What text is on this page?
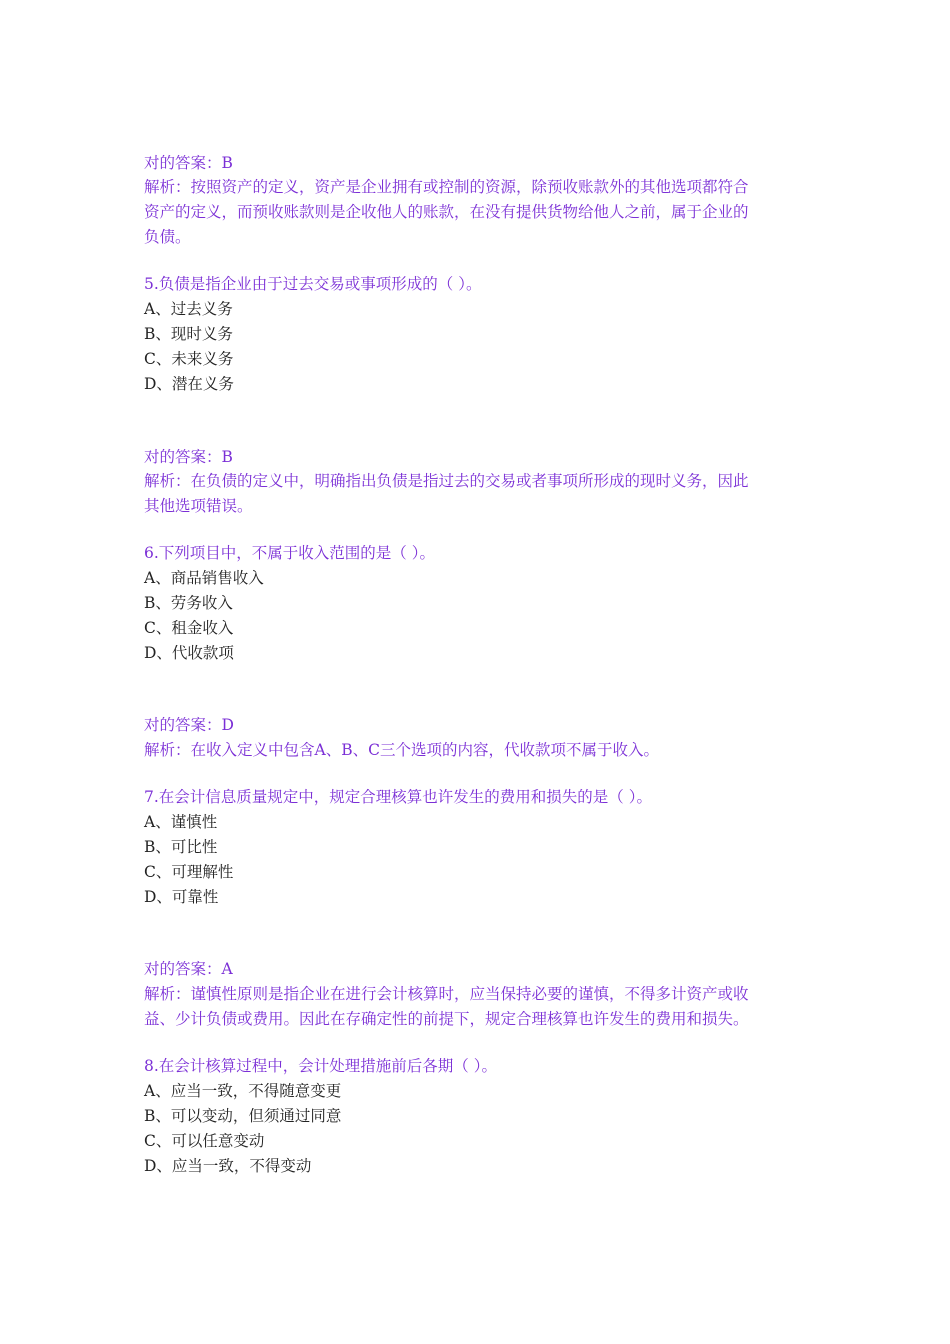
对的答案：B
解析：按照资产的定义，资产是企业拥有或控制的资源，除预收账款外的其他选项都符合
资产的定义，而预收账款则是企收他人的账款，在没有提供货物给他人之前，属于企业的
负债。
5.负债是指企业由于过去交易或事项形成的（ ）。
A、过去义务
B、现时义务
C、未来义务
D、潜在义务
对的答案：B
解析：在负债的定义中，明确指出负债是指过去的交易或者事项所形成的现时义务，因此
其他选项错误。
6.下列项目中，不属于收入范围的是（ ）。
A、商品销售收入
B、劳务收入
C、租金收入
D、代收款项
对的答案：D
解析：在收入定义中包含A、B、C三个选项的内容，代收款项不属于收入。
7.在会计信息质量规定中，规定合理核算也许发生的费用和损失的是（ ）。
A、谨慎性
B、可比性
C、可理解性
D、可靠性
对的答案：A
解析：谨慎性原则是指企业在进行会计核算时，应当保持必要的谨慎，不得多计资产或收
益、少计负债或费用。因此在存确定性的前提下，规定合理核算也许发生的费用和损失。
8.在会计核算过程中，会计处理措施前后各期（ ）。
A、应当一致，不得随意变更
B、可以变动，但须通过同意
C、可以任意变动
D、应当一致，不得变动
